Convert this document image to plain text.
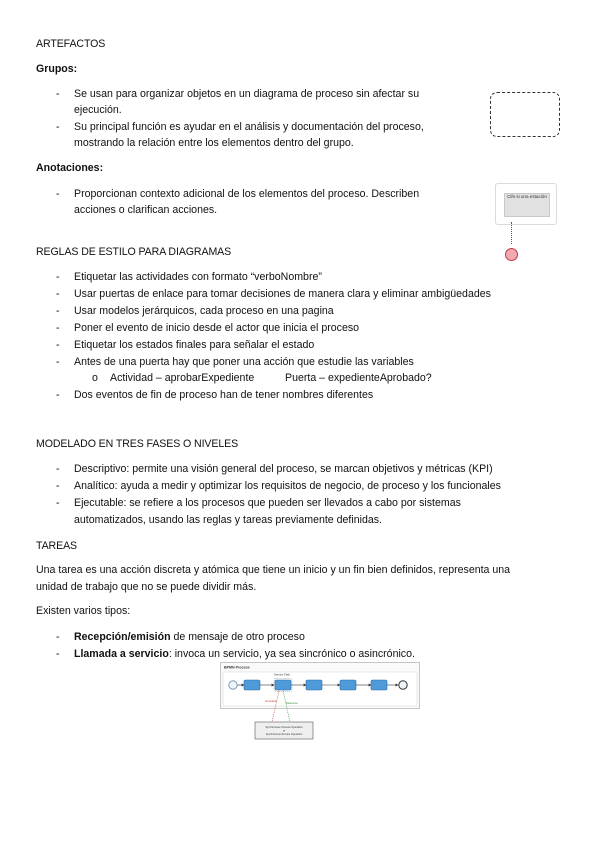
ARTEFACTOS
Grupos:
- Se usan para organizar objetos en un diagrama de proceso sin afectar su
ejecución.
- Su principal función es ayudar en el análisis y documentación del proceso,
mostrando la relación entre los elementos dentro del grupo.
Anotaciones:
- Proporcionan contexto adicional de los elementos del proceso. Describen
acciones o clarifican acciones.
Cifs si una estación
REGLAS DE ESTILO PARA DIAGRAMAS
- Etiquetar las actividades con formato “verboNombre”
- Usar puertas de enlace para tomar decisiones de manera clara y eliminar ambigüedades
- Usar modelos jerárquicos, cada proceso en una pagina
- Poner el evento de inicio desde el actor que inicia el proceso
- Etiquetar los estados finales para señalar el estado
- Antes de una puerta hay que poner una acción que estudie las variables
o Actividad – aprobarExpediente	Puerta – expedienteAprobado?
- Dos eventos de fin de proceso han de tener nombres diferentes
MODELADO EN TRES FASES O NIVELES
- Descriptivo: permite una visión general del proceso, se marcan objetivos y métricas (KPI)
- Analítico: ayuda a medir y optimizar los requisitos de negocio, de proceso y los funcionales
- Ejecutable: se refiere a los procesos que pueden ser llevados a cabo por sistemas
automatizados, usando las reglas y tareas previamente definidas.
TAREAS
Una tarea es una acción discreta y atómica que tiene un inicio y un fin bien definidos, representa una
unidad de trabajo que no se puede dividir más.
Existen varios tipos:
- Recepción/emisión de mensaje de otro proceso
- Llamada a servicio: invoca un servicio, ya sea sincrónico o asincrónico.
BPMN Process
Service Task
Invocation
Response
Synchronous Process Operation
or
Synchronous Service Operation
